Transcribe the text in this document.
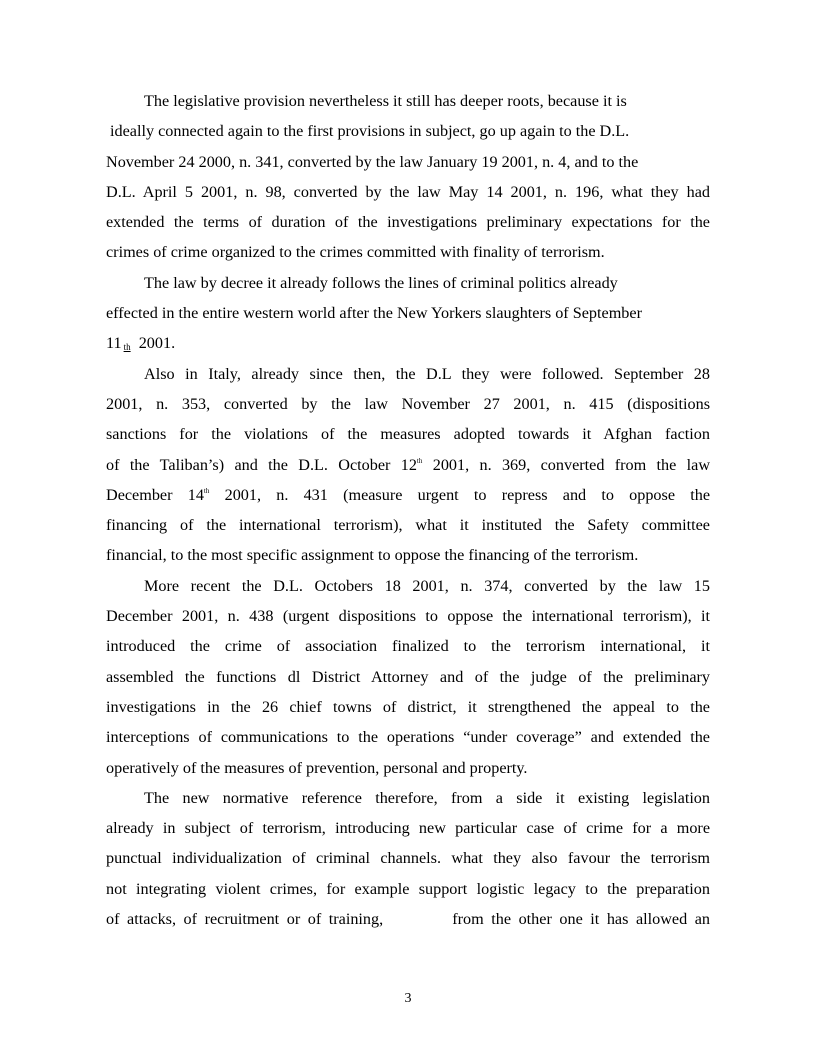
The legislative provision nevertheless it still has deeper roots, because it is
ideally connected again to the first provisions in subject, go up again to the D.L.
November 24 2000, n. 341, converted by the law January 19 2001, n. 4, and to the
D.L. April 5 2001, n. 98, converted by the law May 14 2001, n. 196, what they had
extended the terms of duration of the investigations preliminary expectations for the
crimes of crime organized to the crimes committed with finality of terrorism.
The law by decree it already follows the lines of criminal politics already
effected in the entire western world after the New Yorkers slaughters of September
11 th 2001.
Also in Italy, already since then, the D.L they were followed. September 28
2001, n. 353, converted by the law November 27 2001, n. 415 (dispositions
sanctions for the violations of the measures adopted towards it Afghan faction
of the Taliban’s) and the D.L. October 12th 2001, n. 369, converted from the law
December 14th 2001, n. 431 (measure urgent to repress and to oppose the
financing of the international terrorism), what it instituted the Safety committee
financial, to the most specific assignment to oppose the financing of the terrorism.
More recent the D.L. Octobers 18 2001, n. 374, converted by the law 15
December 2001, n. 438 (urgent dispositions to oppose the international terrorism), it
introduced the crime of association finalized to the terrorism international, it
assembled the functions dl District Attorney and of the judge of the preliminary
investigations in the 26 chief towns of district, it strengthened the appeal to the
interceptions of communications to the operations “under coverage” and extended the
operatively of the measures of prevention, personal and property.
The new normative reference therefore, from a side it existing legislation
already in subject of terrorism, introducing new particular case of crime for a more
punctual individualization of criminal channels. what they also favour the terrorism
not integrating violent crimes, for example support logistic legacy to the preparation
of attacks, of recruitment or of training,	from the other one it has allowed an
3
